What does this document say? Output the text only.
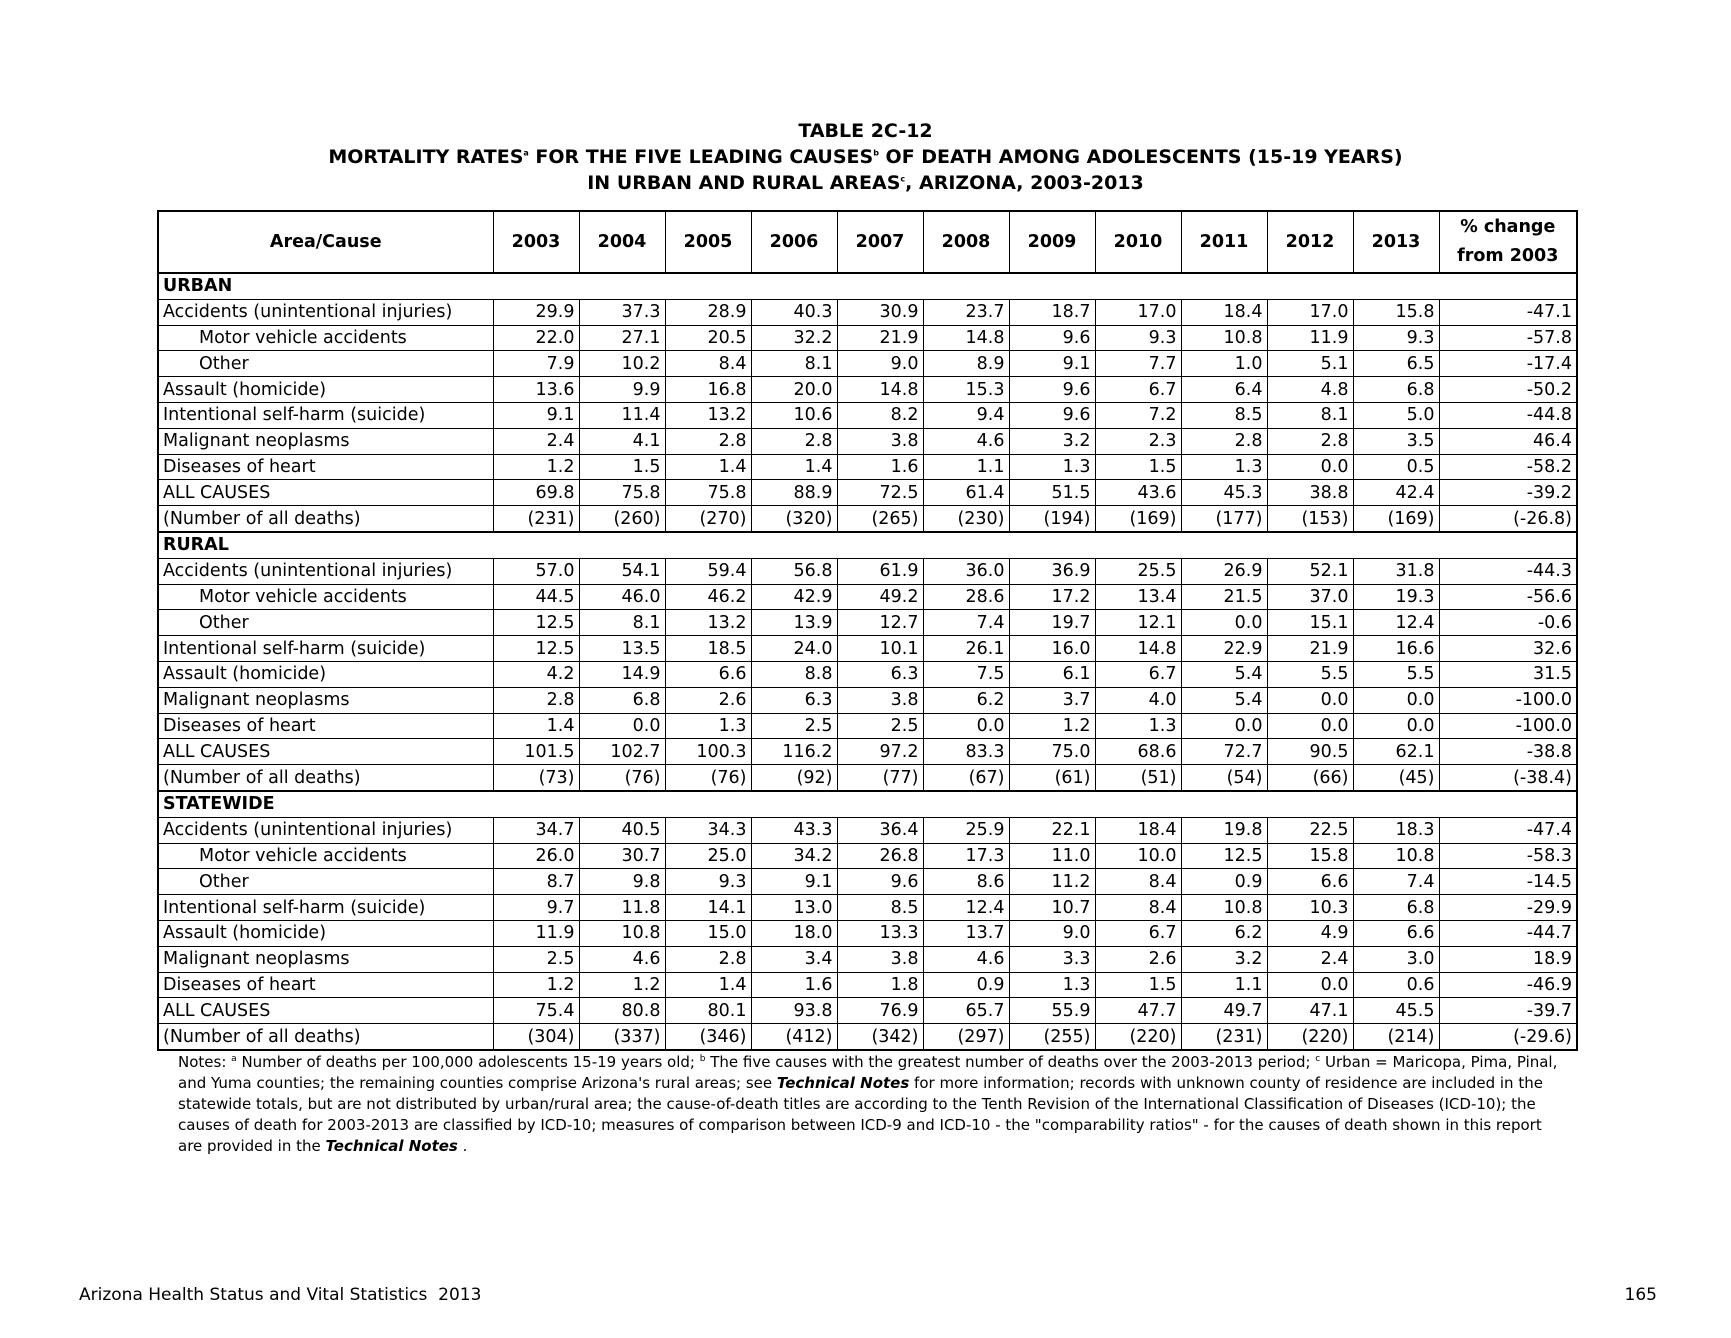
TABLE 2C-12
MORTALITY RATES$^a$ FOR THE FIVE LEADING CAUSES$^b$ OF DEATH AMONG ADOLESCENTS (15-19 YEARS)
IN URBAN AND RURAL AREAS$^c$, ARIZONA, 2003-2013
Area/Cause	2003	2004	2005	2006	2007	2008	2009	2010	2011	2012	2013	% change
from 2003

URBAN												
Accidents (unintentional injuries)	29.9	37.3	28.9	40.3	30.9	23.7	18.7	17.0	18.4	17.0	15.8	-47.1
Motor vehicle accidents	22.0	27.1	20.5	32.2	21.9	14.8	9.6	9.3	10.8	11.9	9.3	-57.8
Other	7.9	10.2	8.4	8.1	9.0	8.9	9.1	7.7	1.0	5.1	6.5	-17.4
Assault (homicide)	13.6	9.9	16.8	20.0	14.8	15.3	9.6	6.7	6.4	4.8	6.8	-50.2
Intentional self-harm (suicide)	9.1	11.4	13.2	10.6	8.2	9.4	9.6	7.2	8.5	8.1	5.0	-44.8
Malignant neoplasms	2.4	4.1	2.8	2.8	3.8	4.6	3.2	2.3	2.8	2.8	3.5	46.4
Diseases of heart	1.2	1.5	1.4	1.4	1.6	1.1	1.3	1.5	1.3	0.0	0.5	-58.2
ALL CAUSES	69.8	75.8	75.8	88.9	72.5	61.4	51.5	43.6	45.3	38.8	42.4	-39.2
(Number of all deaths)	(231)	(260)	(270)	(320)	(265)	(230)	(194)	(169)	(177)	(153)	(169)	(-26.8)
RURAL												
Accidents (unintentional injuries)	57.0	54.1	59.4	56.8	61.9	36.0	36.9	25.5	26.9	52.1	31.8	-44.3
Motor vehicle accidents	44.5	46.0	46.2	42.9	49.2	28.6	17.2	13.4	21.5	37.0	19.3	-56.6
Other	12.5	8.1	13.2	13.9	12.7	7.4	19.7	12.1	0.0	15.1	12.4	-0.6
Intentional self-harm (suicide)	12.5	13.5	18.5	24.0	10.1	26.1	16.0	14.8	22.9	21.9	16.6	32.6
Assault (homicide)	4.2	14.9	6.6	8.8	6.3	7.5	6.1	6.7	5.4	5.5	5.5	31.5
Malignant neoplasms	2.8	6.8	2.6	6.3	3.8	6.2	3.7	4.0	5.4	0.0	0.0	-100.0
Diseases of heart	1.4	0.0	1.3	2.5	2.5	0.0	1.2	1.3	0.0	0.0	0.0	-100.0
ALL CAUSES	101.5	102.7	100.3	116.2	97.2	83.3	75.0	68.6	72.7	90.5	62.1	-38.8
(Number of all deaths)	(73)	(76)	(76)	(92)	(77)	(67)	(61)	(51)	(54)	(66)	(45)	(-38.4)
STATEWIDE												
Accidents (unintentional injuries)	34.7	40.5	34.3	43.3	36.4	25.9	22.1	18.4	19.8	22.5	18.3	-47.4
Motor vehicle accidents	26.0	30.7	25.0	34.2	26.8	17.3	11.0	10.0	12.5	15.8	10.8	-58.3
Other	8.7	9.8	9.3	9.1	9.6	8.6	11.2	8.4	0.9	6.6	7.4	-14.5
Intentional self-harm (suicide)	9.7	11.8	14.1	13.0	8.5	12.4	10.7	8.4	10.8	10.3	6.8	-29.9
Assault (homicide)	11.9	10.8	15.0	18.0	13.3	13.7	9.0	6.7	6.2	4.9	6.6	-44.7
Malignant neoplasms	2.5	4.6	2.8	3.4	3.8	4.6	3.3	2.6	3.2	2.4	3.0	18.9
Diseases of heart	1.2	1.2	1.4	1.6	1.8	0.9	1.3	1.5	1.1	0.0	0.6	-46.9
ALL CAUSES	75.4	80.8	80.1	93.8	76.9	65.7	55.9	47.7	49.7	47.1	45.5	-39.7
(Number of all deaths)	(304)	(337)	(346)	(412)	(342)	(297)	(255)	(220)	(231)	(220)	(214)	(-29.6)
Notes: $^a$ Number of deaths per 100,000 adolescents 15-19 years old; $^b$ The five causes with the greatest number of deaths over the 2003-2013 period; $^c$ Urban = Maricopa, Pima, Pinal, and Yuma counties; the remaining counties comprise Arizona's rural areas; see Technical Notes for more information; records with unknown county of residence are included in the statewide totals, but are not distributed by urban/rural area; the cause-of-death titles are according to the Tenth Revision of the International Classification of Diseases (ICD-10); the causes of death for 2003-2013 are classified by ICD-10; measures of comparison between ICD-9 and ICD-10 - the "comparability ratios" - for the causes of death shown in this report are provided in the Technical Notes .
Arizona Health Status and Vital Statistics  2013	165
